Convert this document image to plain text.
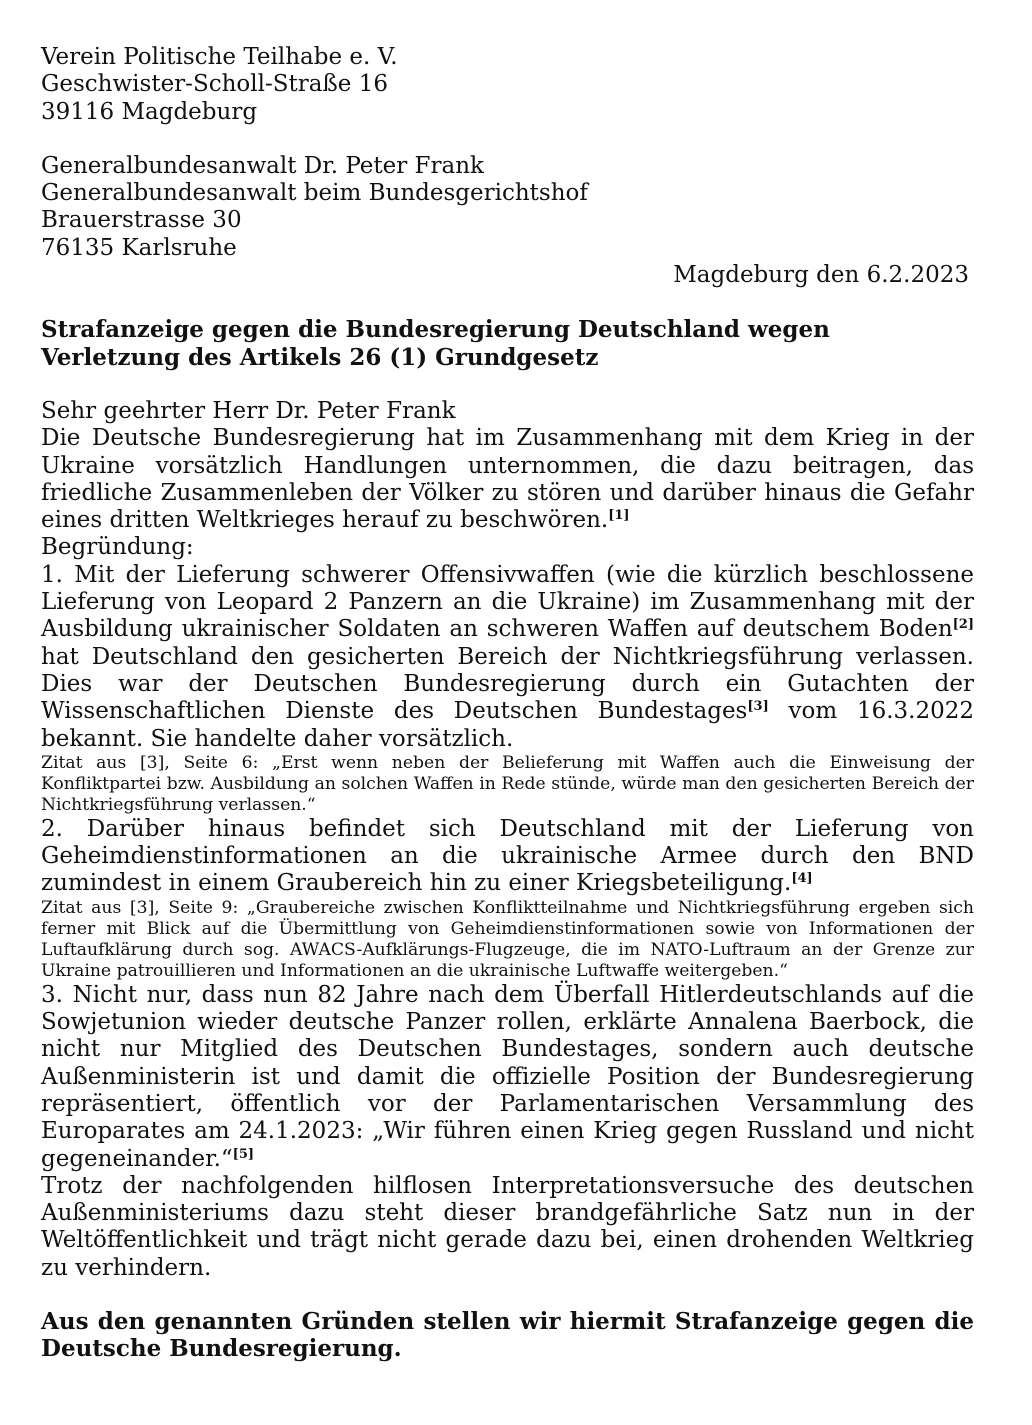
Verein Politische Teilhabe e. V.
Geschwister-Scholl-Straße 16
39116 Magdeburg
Generalbundesanwalt Dr. Peter Frank
Generalbundesanwalt beim Bundesgerichtshof
Brauerstrasse 30
76135 Karlsruhe
Magdeburg den 6.2.2023
Strafanzeige gegen die Bundesregierung Deutschland wegen
Verletzung des Artikels 26 (1) Grundgesetz
Sehr geehrter Herr Dr. Peter Frank

Die Deutsche Bundesregierung hat im Zusammenhang mit dem Krieg in der Ukraine vorsätzlich Handlungen unternommen, die dazu beitragen, das friedliche Zusammenleben der Völker zu stören und darüber hinaus die Gefahr eines dritten Weltkrieges herauf zu beschwören.[1]

Begründung:

1. Mit der Lieferung schwerer Offensivwaffen (wie die kürzlich beschlossene Lieferung von Leopard 2 Panzern an die Ukraine) im Zusammenhang mit der Ausbildung ukrainischer Soldaten an schweren Waffen auf deutschem Boden[2] hat Deutschland den gesicherten Bereich der Nichtkriegsführung verlassen. Dies war der Deutschen Bundesregierung durch ein Gutachten der Wissenschaftlichen Dienste des Deutschen Bundestages[3] vom 16.3.2022 bekannt. Sie handelte daher vorsätzlich.

Zitat aus [3], Seite 6: „Erst wenn neben der Belieferung mit Waffen auch die Einweisung der Konfliktpartei bzw. Ausbildung an solchen Waffen in Rede stünde, würde man den gesicherten Bereich der Nichtkriegsführung verlassen.“

2. Darüber hinaus befindet sich Deutschland mit der Lieferung von Geheimdienstinformationen an die ukrainische Armee durch den BND zumindest in einem Graubereich hin zu einer Kriegsbeteiligung.[4]

Zitat aus [3], Seite 9: „Graubereiche zwischen Konfliktteilnahme und Nichtkriegsführung ergeben sich ferner mit Blick auf die Übermittlung von Geheimdienstinformationen sowie von Informationen der Luftaufklärung durch sog. AWACS-Aufklärungs-Flugzeuge, die im NATO-Luftraum an der Grenze zur Ukraine patrouillieren und Informationen an die ukrainische Luftwaffe weitergeben.“

3. Nicht nur, dass nun 82 Jahre nach dem Überfall Hitlerdeutschlands auf die Sowjetunion wieder deutsche Panzer rollen, erklärte Annalena Baerbock, die nicht nur Mitglied des Deutschen Bundestages, sondern auch deutsche Außenministerin ist und damit die offizielle Position der Bundesregierung repräsentiert, öffentlich vor der Parlamentarischen Versammlung des Europarates am 24.1.2023: „Wir führen einen Krieg gegen Russland und nicht gegeneinander.“[5]

Trotz der nachfolgenden hilflosen Interpretationsversuche des deutschen Außenministeriums dazu steht dieser brandgefährliche Satz nun in der Weltöffentlichkeit und trägt nicht gerade dazu bei, einen drohenden Weltkrieg zu verhindern.

Aus den genannten Gründen stellen wir hiermit Strafanzeige gegen die Deutsche Bundesregierung.
